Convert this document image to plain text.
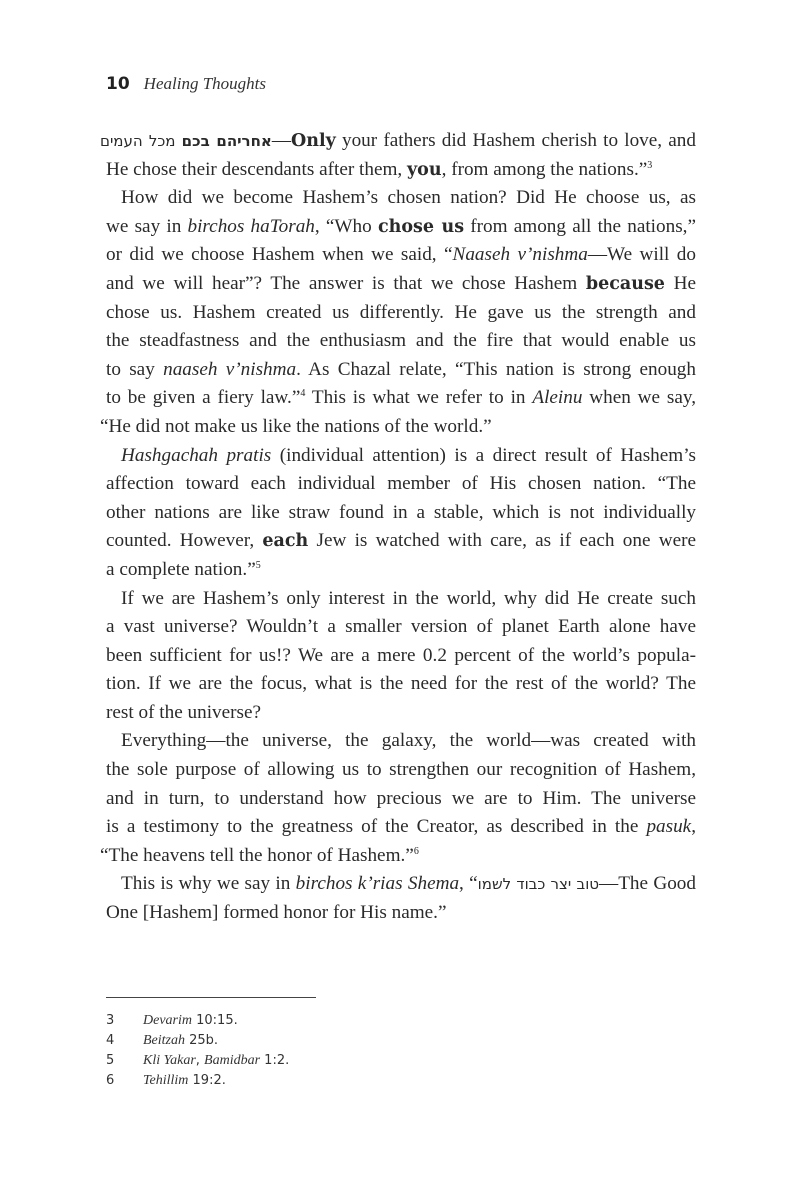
10 Healing Thoughts
אחריהם בכם מכל העמים	—Only your fathers did Hashem cherish to love, and
He chose their descendants after them, you, from among the nations.”$^3$
How did we become Hashem’s chosen nation? Did He choose us, as
we say in birchos haTorah, “Who chose us from among all the nations,”
or did we choose Hashem when we said, “Naaseh v’nishma—We will do
and we will hear”? The answer is that we chose Hashem because He
chose us. Hashem created us differently. He gave us the strength and
the steadfastness and the enthusiasm and the fire that would enable us
to say naaseh v’nishma. As Chazal relate, “This nation is strong enough
to be given a fiery law.”$^4$ This is what we refer to in Aleinu when we say,
“He did not make us like the nations of the world.”
Hashgachah pratis (individual attention) is a direct result of Hashem’s
affection toward each individual member of His chosen nation. “The
other nations are like straw found in a stable, which is not individually
counted. However, each Jew is watched with care, as if each one were
a complete nation.”$^5$
If we are Hashem’s only interest in the world, why did He create such
a vast universe? Wouldn’t a smaller version of planet Earth alone have
been sufficient for us!? We are a mere 0.2 percent of the world’s popula-
tion. If we are the focus, what is the need for the rest of the world? The
rest of the universe?
Everything—the universe, the galaxy, the world—was created with
the sole purpose of allowing us to strengthen our recognition of Hashem,
and in turn, to understand how precious we are to Him. The universe
is a testimony to the greatness of the Creator, as described in the pasuk,
“The heavens tell the honor of Hashem.”$^6$
This is why we say in birchos k’rias Shema, “טוב יצר כבוד לשמו—The Good
One [Hashem] formed honor for His name.”
3	Devarim 10:15.
4	Beitzah 25b.
5	Kli Yakar, Bamidbar 1:2.
6	Tehillim 19:2.
